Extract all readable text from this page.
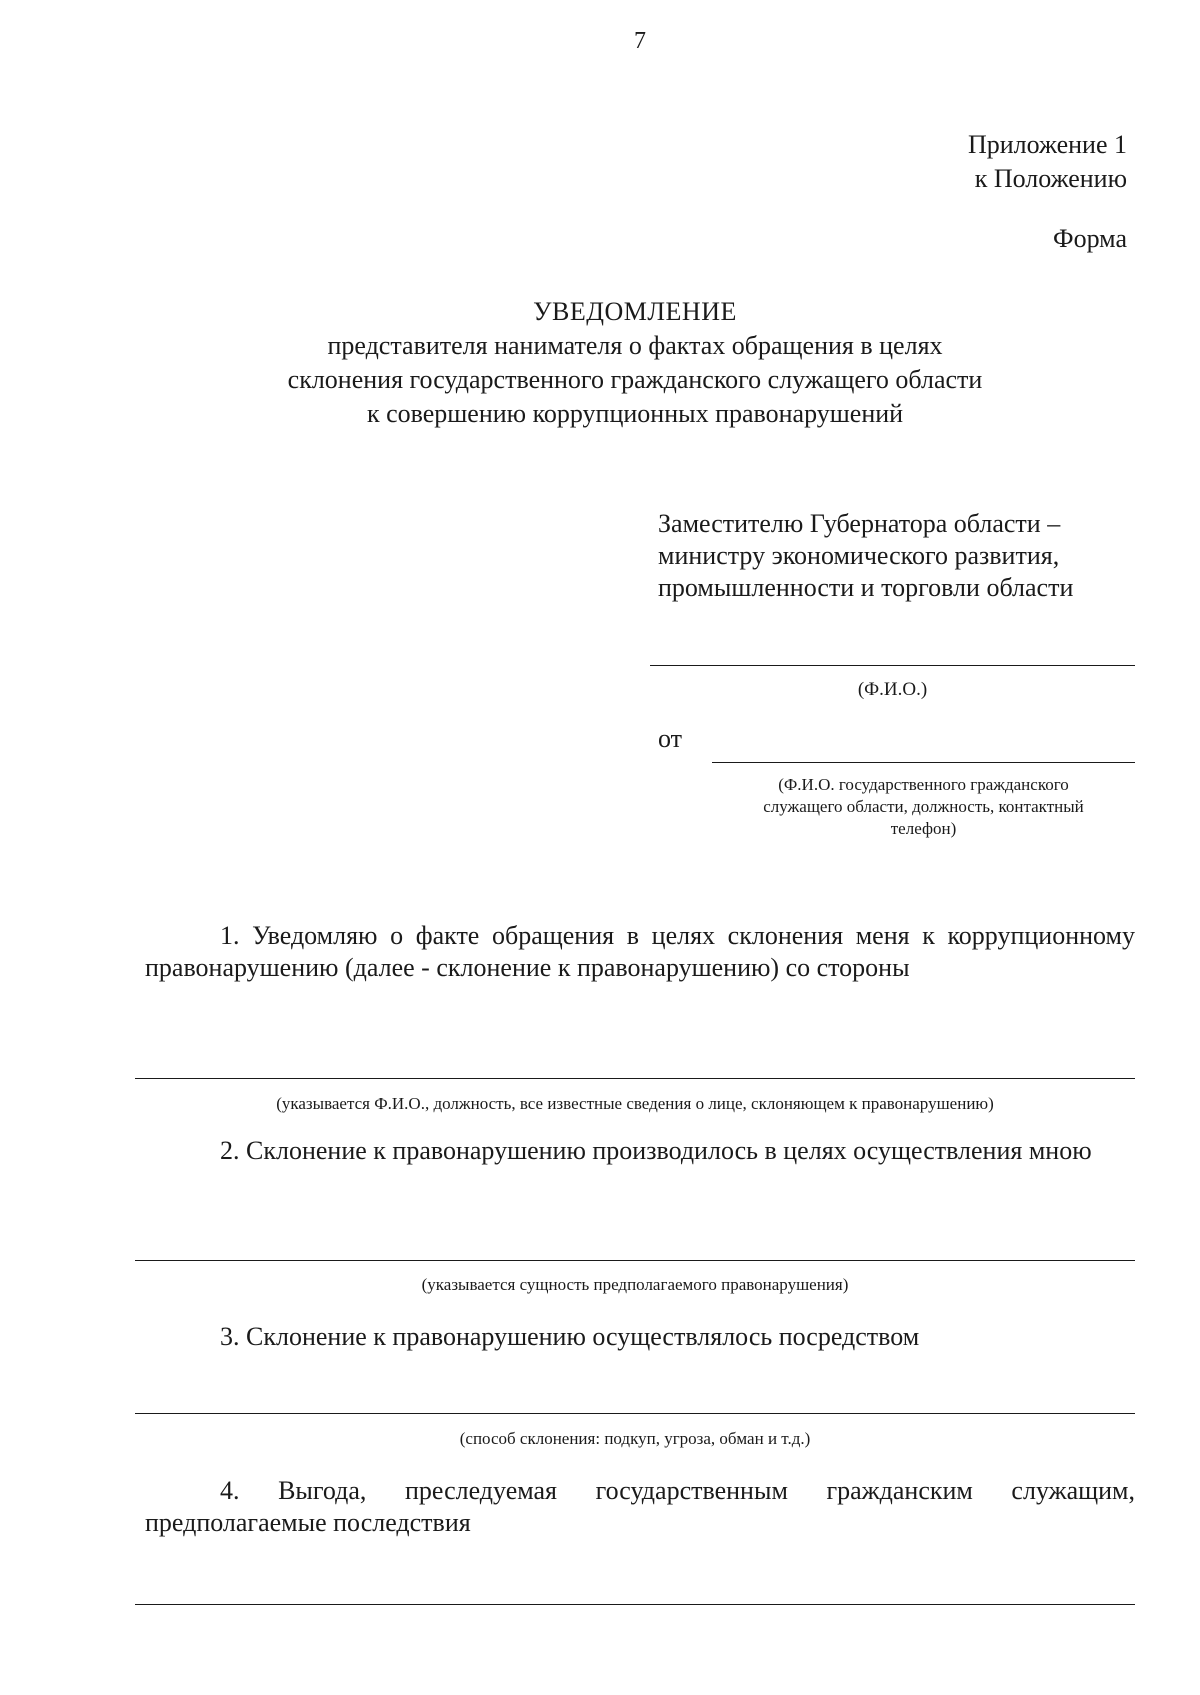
7
Приложение 1
к Положению
Форма
УВЕДОМЛЕНИЕ
представителя нанимателя о фактах обращения в целях
склонения государственного гражданского служащего области
к совершению коррупционных правонарушений
Заместителю Губернатора области –
министру экономического развития,
промышленности и торговли области
(Ф.И.О.)
от
(Ф.И.О. государственного гражданского
служащего области, должность, контактный
телефон)
1. Уведомляю о факте обращения в целях склонения меня к коррупционному правонарушению (далее - склонение к правонарушению) со стороны
(указывается Ф.И.О., должность, все известные сведения о лице, склоняющем к правонарушению)
2. Склонение к правонарушению производилось в целях осуществления мною
(указывается сущность предполагаемого правонарушения)
3. Склонение к правонарушению осуществлялось посредством
(способ склонения: подкуп, угроза, обман и т.д.)
4. Выгода, преследуемая государственным гражданским служащим, предполагаемые последствия
